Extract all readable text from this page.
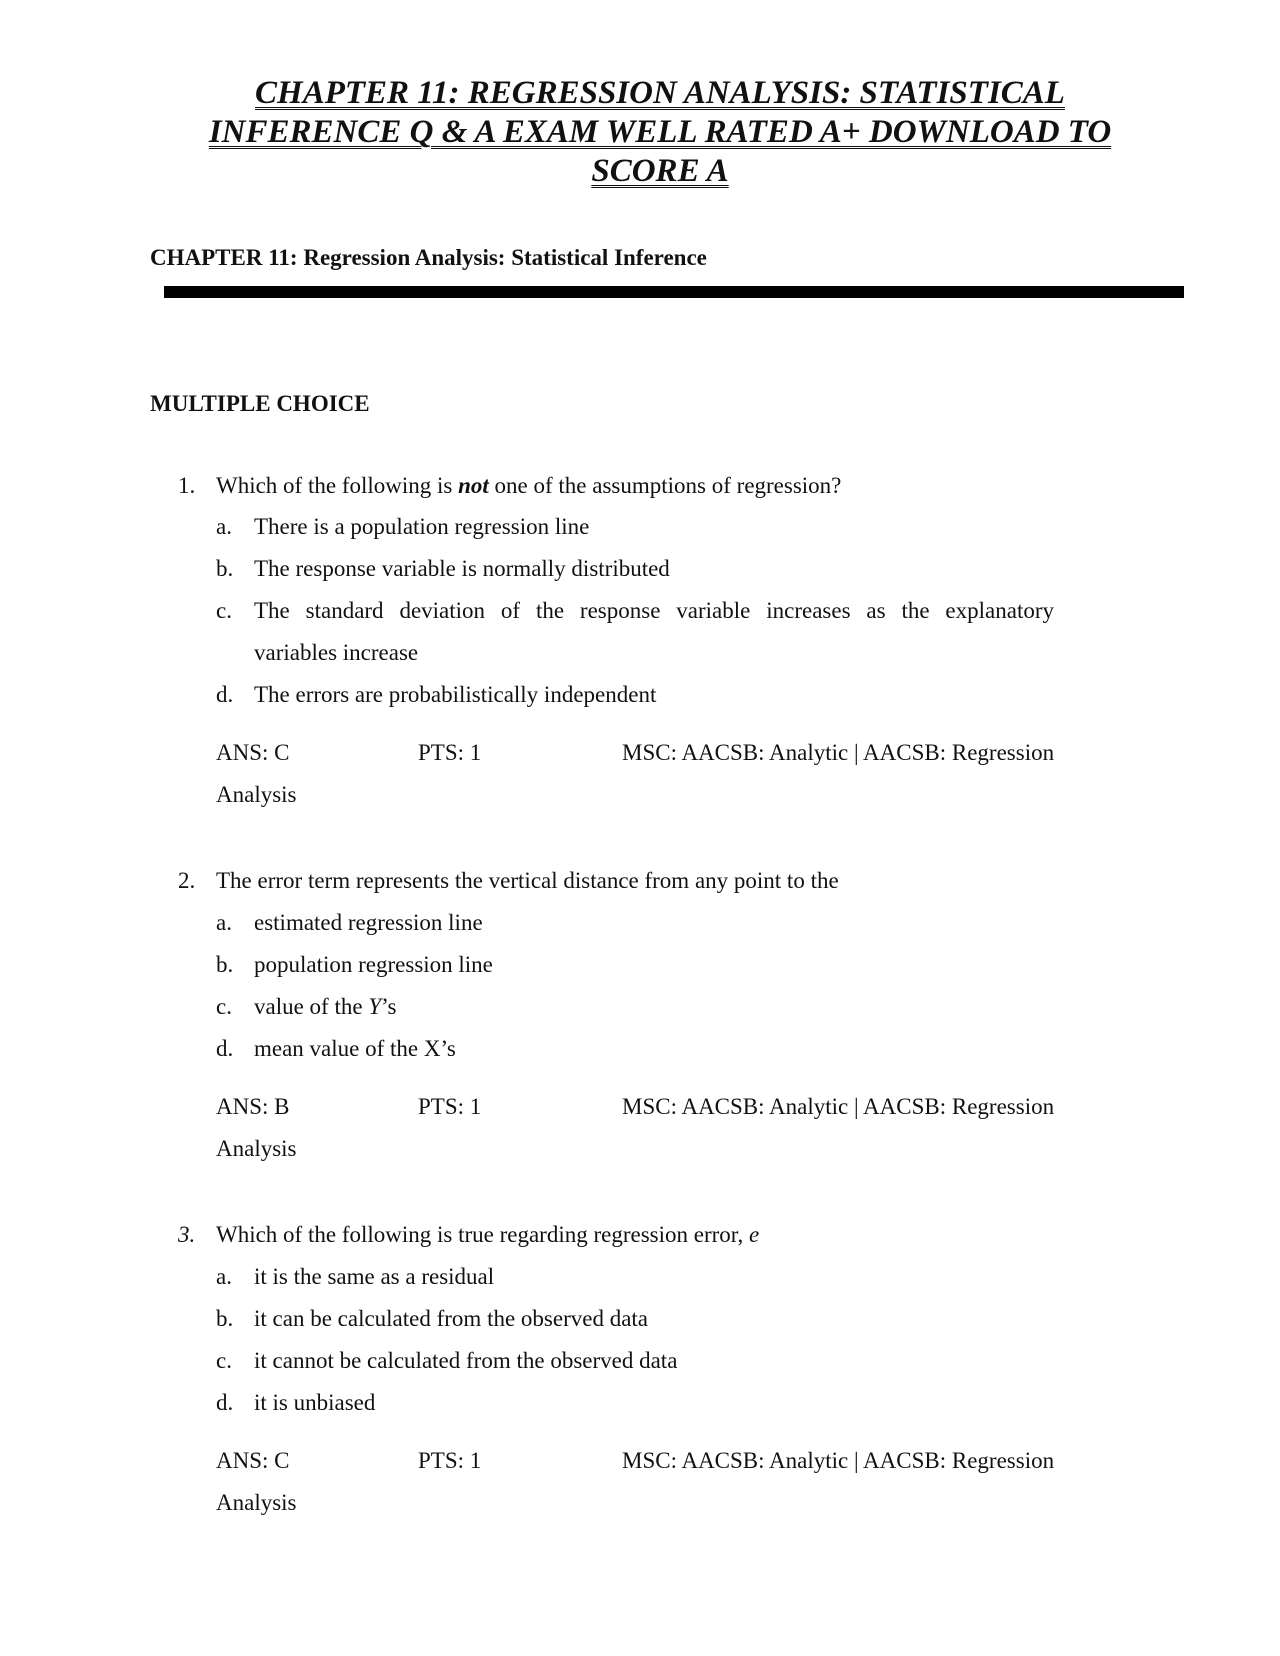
CHAPTER 11: REGRESSION ANALYSIS: STATISTICAL
INFERENCE Q & A EXAM WELL RATED A+ DOWNLOAD TO
SCORE A
CHAPTER 11: Regression Analysis: Statistical Inference
MULTIPLE CHOICE
1. Which of the following is not one of the assumptions of regression?
a. There is a population regression line
b. The response variable is normally distributed
c. The standard deviation of the response variable increases as the explanatory
variables increase
d. The errors are probabilistically independent
ANS: C	PTS: 1	MSC: AACSB: Analytic | AACSB: Regression
Analysis
2. The error term represents the vertical distance from any point to the
a. estimated regression line
b. population regression line
c. value of the Y’s
d. mean value of the X’s
ANS: B	PTS: 1	MSC: AACSB: Analytic | AACSB: Regression
Analysis
3. Which of the following is true regarding regression error, e
a. it is the same as a residual
b. it can be calculated from the observed data
c. it cannot be calculated from the observed data
d. it is unbiased
ANS: C	PTS: 1	MSC: AACSB: Analytic | AACSB: Regression
Analysis
